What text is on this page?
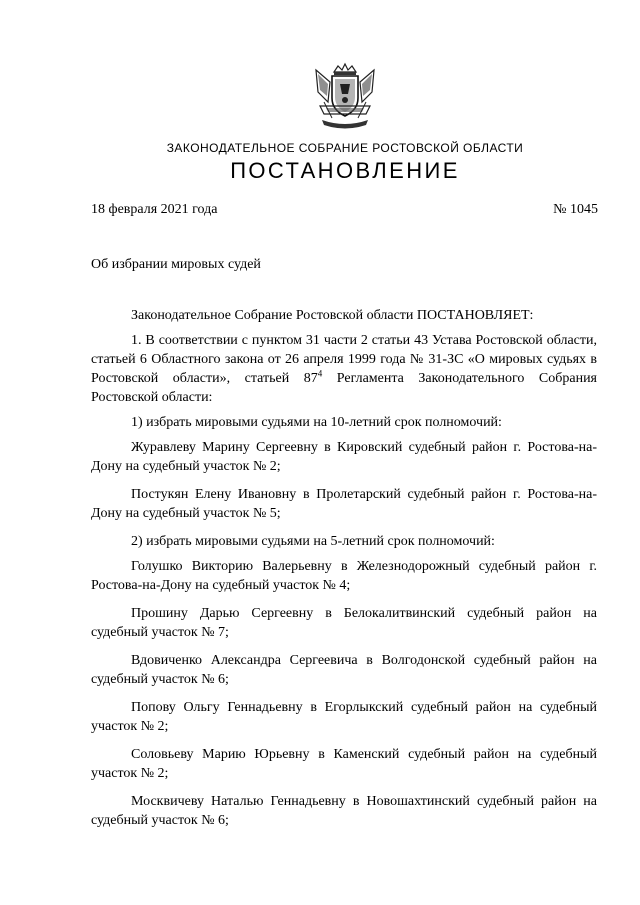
ЗАКОНОДАТЕЛЬНОЕ СОБРАНИЕ РОСТОВСКОЙ ОБЛАСТИ
ПОСТАНОВЛЕНИЕ
18 февраля 2021 года	№ 1045
Об избрании мировых судей

Законодательное Собрание Ростовской области ПОСТАНОВЛЯЕТ:

1. В соответствии с пунктом 31 части 2 статьи 43 Устава Ростовской области, статьей 6 Областного закона от 26 апреля 1999 года № 31-ЗС «О мировых судьях в Ростовской области», статьей $87^4$ Регламента Законодательного Собрания Ростовской области:

1) избрать мировыми судьями на 10-летний срок полномочий:

Журавлеву Марину Сергеевну в Кировский судебный район г. Ростова-на-Дону на судебный участок № 2;

Постукян Елену Ивановну в Пролетарский судебный район г. Ростова-на-Дону на судебный участок № 5;

2) избрать мировыми судьями на 5-летний срок полномочий:

Голушко Викторию Валерьевну в Железнодорожный судебный район г. Ростова-на-Дону на судебный участок № 4;

Прошину Дарью Сергеевну в Белокалитвинский судебный район на судебный участок № 7;

Вдовиченко Александра Сергеевича в Волгодонской судебный район на судебный участок № 6;

Попову Ольгу Геннадьевну в Егорлыкский судебный район на судебный участок № 2;

Соловьеву Марию Юрьевну в Каменский судебный район на судебный участок № 2;

Москвичеву Наталью Геннадьевну в Новошахтинский судебный район на судебный участок № 6;
